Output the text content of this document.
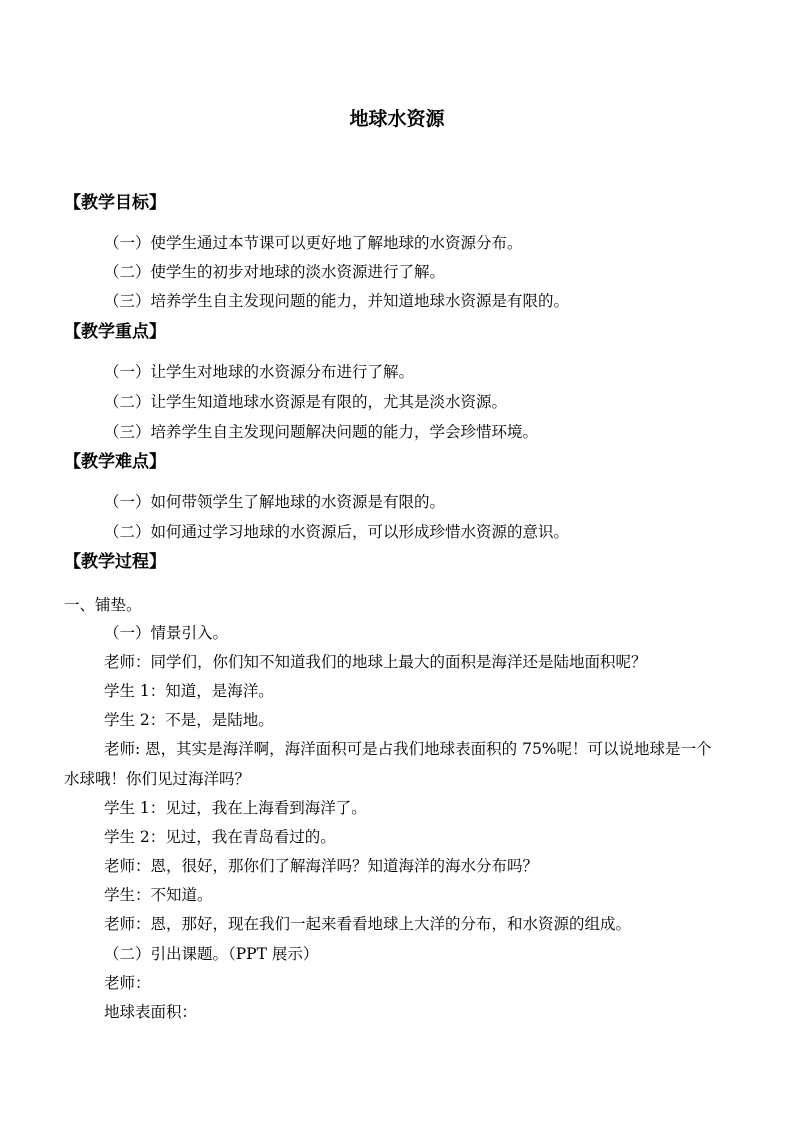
地球水资源
【教学目标】
（一）使学生通过本节课可以更好地了解地球的水资源分布。
（二）使学生的初步对地球的淡水资源进行了解。
（三）培养学生自主发现问题的能力，并知道地球水资源是有限的。
【教学重点】
（一）让学生对地球的水资源分布进行了解。
（二）让学生知道地球水资源是有限的，尤其是淡水资源。
（三）培养学生自主发现问题解决问题的能力，学会珍惜环境。
【教学难点】
（一）如何带领学生了解地球的水资源是有限的。
（二）如何通过学习地球的水资源后，可以形成珍惜水资源的意识。
【教学过程】
一、铺垫。
（一）情景引入。
老师：同学们，你们知不知道我们的地球上最大的面积是海洋还是陆地面积呢？
学生 1：知道，是海洋。
学生 2：不是，是陆地。
老师: 恩，其实是海洋啊，海洋面积可是占我们地球表面积的 75%呢！可以说地球是一个
水球哦！你们见过海洋吗？
学生 1：见过，我在上海看到海洋了。
学生 2：见过，我在青岛看过的。
老师：恩，很好，那你们了解海洋吗？知道海洋的海水分布吗？
学生：不知道。
老师：恩，那好，现在我们一起来看看地球上大洋的分布，和水资源的组成。
（二）引出课题。（PPT 展示）
老师：
地球表面积：
